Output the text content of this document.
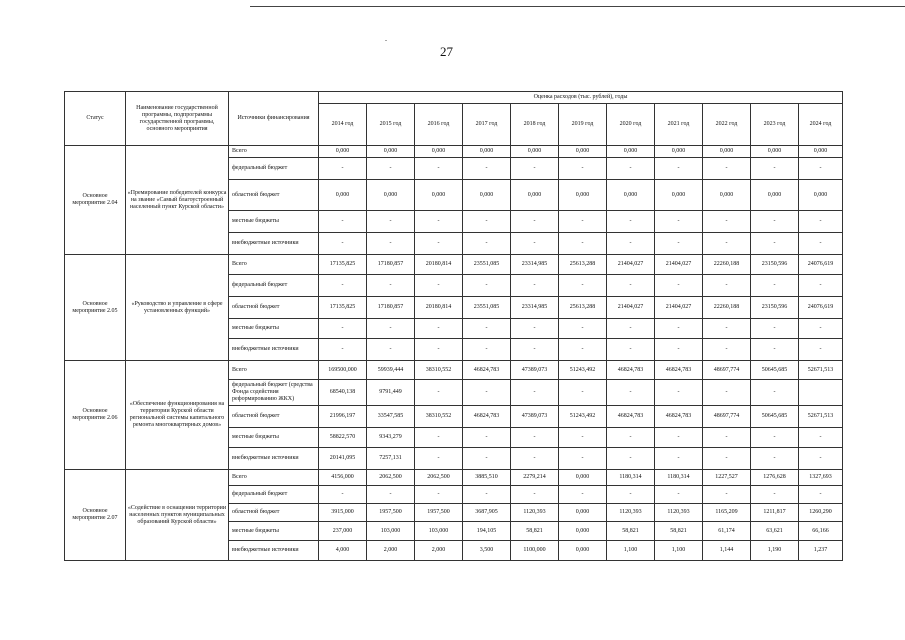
.
27
Статус	Наименование государственной программы, подпрограммы государственной программы, основного мероприятия	Источники финансирования	Оценка расходов (тыс. рублей), годы										
			2014 год	2015 год	2016 год	2017 год	2018 год	2019 год	2020 год	2021 год	2022 год	2023 год	2024 год
Основное мероприятие 2.04	«Премирование победителей конкурса на звание «Самый благоустроенный населенный пункт Курской области»	Всего	0,000	0,000	0,000	0,000	0,000	0,000	0,000	0,000	0,000	0,000	0,000
		федеральный бюджет	-	-	-	-	-	-	-	-	-	-	-
		областной бюджет	0,000	0,000	0,000	0,000	0,000	0,000	0,000	0,000	0,000	0,000	0,000
		местные бюджеты	-	-	-	-	-	-	-	-	-	-	-
		внебюджетные источники	-	-	-	-	-	-	-	-	-	-	-
Основное мероприятие 2.05	«Руководство и управление в сфере установленных функций»	Всего	17135,825	17180,857	20180,814	23551,085	23314,985	25613,288	21404,027	21404,027	22260,188	23150,596	24076,619
		федеральный бюджет	-	-	-	-	-	-	-	-	-	-	-
		областной бюджет	17135,825	17180,857	20180,814	23551,085	23314,985	25613,288	21404,027	21404,027	22260,188	23150,596	24076,619
		местные бюджеты	-	-	-	-	-	-	-	-	-	-	-
		внебюджетные источники	-	-	-	-	-	-	-	-	-	-	-
Основное мероприятие 2.06	«Обеспечение функционирования на территории Курской области региональной системы капитального ремонта многоквартирных домов»	Всего	169500,000	59939,444	38310,552	46824,783	47389,073	51243,492	46824,783	46824,783	48697,774	50645,685	52671,513
		федеральный бюджет (средства Фонда содействия реформированию ЖКХ)	68540,138	9791,449	-	-	-	-	-	-	-	-	
		областной бюджет	21996,197	33547,585	38310,552	46824,783	47389,073	51243,492	46824,783	46824,783	48697,774	50645,685	52671,513
		местные бюджеты	58822,570	9343,279	-	-	-	-	-	-	-	-	-
		внебюджетные источники	20141,095	7257,131	-	-	-	-	-	-	-	-	-
Основное мероприятие 2.07	«Содействие в оснащении территории населенных пунктов муниципальных образований Курской области»	Всего	4156,000	2062,500	2062,500	3885,510	2279,214	0,000	1180,314	1180,314	1227,527	1276,628	1327,693
		федеральный бюджет	-	-	-	-	-	-	-	-	-	-	-
		областной бюджет	3915,000	1957,500	1957,500	3687,905	1120,393	0,000	1120,393	1120,393	1165,209	1211,817	1260,290
		местные бюджеты	237,000	103,000	103,000	194,105	58,821	0,000	58,821	58,821	61,174	63,621	66,166
		внебюджетные источники	4,000	2,000	2,000	3,500	1100,000	0,000	1,100	1,100	1,144	1,190	1,237
